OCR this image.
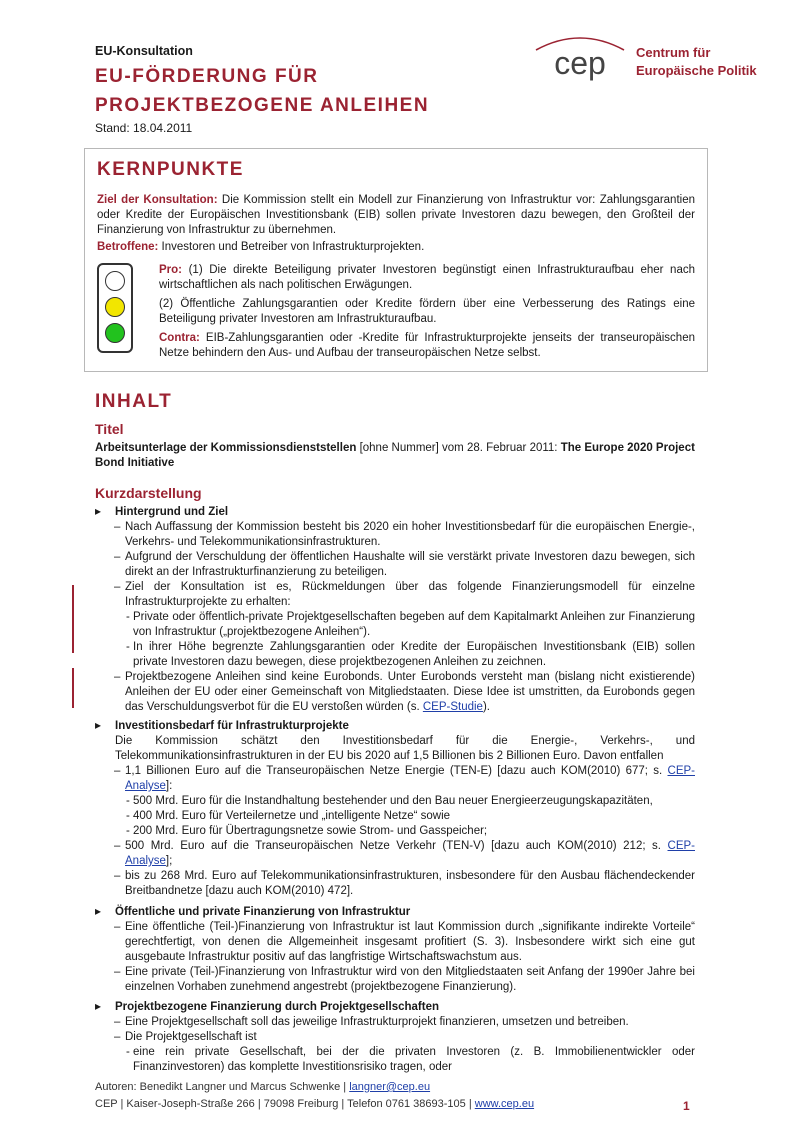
EU-Konsultation
EU-FÖRDERUNG FÜR
PROJEKTBEZOGENE ANLEIHEN
Stand: 18.04.2011
cep Centrum für
Europäische Politik
KERNPUNKTE
Ziel der Konsultation: Die Kommission stellt ein Modell zur Finanzierung von Infrastruktur vor: Zahlungsgarantien oder Kredite der Europäischen Investitionsbank (EIB) sollen private Investoren dazu bewegen, den Großteil der Finanzierung von Infrastruktur zu übernehmen.
Betroffene: Investoren und Betreiber von Infrastrukturprojekten.
Pro: (1) Die direkte Beteiligung privater Investoren begünstigt einen Infrastrukturaufbau eher nach wirtschaftlichen als nach politischen Erwägungen.
(2) Öffentliche Zahlungsgarantien oder Kredite fördern über eine Verbesserung des Ratings eine Beteiligung privater Investoren am Infrastrukturaufbau.
Contra: EIB-Zahlungsgarantien oder -Kredite für Infrastrukturprojekte jenseits der transeuropäischen Netze behindern den Aus- und Aufbau der transeuropäischen Netze selbst.
INHALT
Titel
Arbeitsunterlage der Kommissionsdienststellen [ohne Nummer] vom 28. Februar 2011: The Europe 2020 Project Bond Initiative
Kurzdarstellung
▸ Hintergrund und Ziel
– Nach Auffassung der Kommission besteht bis 2020 ein hoher Investitionsbedarf für die europäischen Energie-, Verkehrs- und Telekommunikationsinfrastrukturen.
– Aufgrund der Verschuldung der öffentlichen Haushalte will sie verstärkt private Investoren dazu bewegen, sich direkt an der Infrastrukturfinanzierung zu beteiligen.
– Ziel der Konsultation ist es, Rückmeldungen über das folgende Finanzierungsmodell für einzelne Infrastrukturprojekte zu erhalten:
- Private oder öffentlich-private Projektgesellschaften begeben auf dem Kapitalmarkt Anleihen zur Finanzierung von Infrastruktur („projektbezogene Anleihen“).
- In ihrer Höhe begrenzte Zahlungsgarantien oder Kredite der Europäischen Investitionsbank (EIB) sollen private Investoren dazu bewegen, diese projektbezogenen Anleihen zu zeichnen.
– Projektbezogene Anleihen sind keine Eurobonds. Unter Eurobonds versteht man (bislang nicht existierende) Anleihen der EU oder einer Gemeinschaft von Mitgliedstaaten. Diese Idee ist umstritten, da Eurobonds gegen das Verschuldungsverbot für die EU verstoßen würden (s. CEP-Studie).
▸ Investitionsbedarf für Infrastrukturprojekte
Die Kommission schätzt den Investitionsbedarf für die Energie-, Verkehrs-, und Telekommunikationsinfrastrukturen in der EU bis 2020 auf 1,5 Billionen bis 2 Billionen Euro. Davon entfallen
– 1,1 Billionen Euro auf die Transeuropäischen Netze Energie (TEN-E) [dazu auch KOM(2010) 677; s. CEP-Analyse]:
- 500 Mrd. Euro für die Instandhaltung bestehender und den Bau neuer Energieerzeugungskapazitäten,
- 400 Mrd. Euro für Verteilernetze und „intelligente Netze“ sowie
- 200 Mrd. Euro für Übertragungsnetze sowie Strom- und Gasspeicher;
– 500 Mrd. Euro auf die Transeuropäischen Netze Verkehr (TEN-V) [dazu auch KOM(2010) 212; s. CEP-Analyse];
– bis zu 268 Mrd. Euro auf Telekommunikationsinfrastrukturen, insbesondere für den Ausbau flächendeckender Breitbandnetze [dazu auch KOM(2010) 472].
▸ Öffentliche und private Finanzierung von Infrastruktur
– Eine öffentliche (Teil-)Finanzierung von Infrastruktur ist laut Kommission durch „signifikante indirekte Vorteile“ gerechtfertigt, von denen die Allgemeinheit insgesamt profitiert (S. 3). Insbesondere wirkt sich eine gut ausgebaute Infrastruktur positiv auf das langfristige Wirtschaftswachstum aus.
– Eine private (Teil-)Finanzierung von Infrastruktur wird von den Mitgliedstaaten seit Anfang der 1990er Jahre bei einzelnen Vorhaben zunehmend angestrebt (projektbezogene Finanzierung).
▸ Projektbezogene Finanzierung durch Projektgesellschaften
– Eine Projektgesellschaft soll das jeweilige Infrastrukturprojekt finanzieren, umsetzen und betreiben.
– Die Projektgesellschaft ist
- eine rein private Gesellschaft, bei der die privaten Investoren (z. B. Immobilienentwickler oder Finanzinvestoren) das komplette Investitionsrisiko tragen, oder
Autoren: Benedikt Langner und Marcus Schwenke | langner@cep.eu
CEP | Kaiser-Joseph-Straße 266 | 79098 Freiburg | Telefon 0761 38693-105 | www.cep.eu	1
